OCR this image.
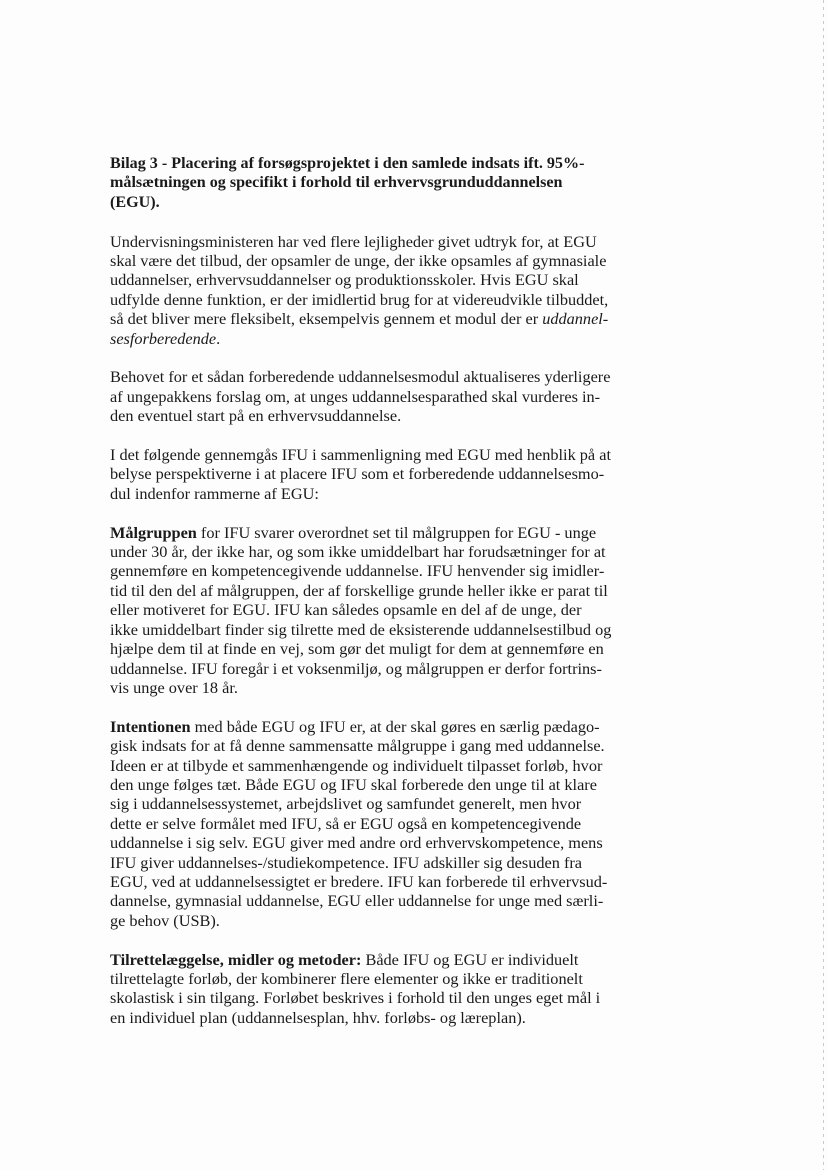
Bilag 3 - Placering af forsøgsprojektet i den samlede indsats ift. 95%-
målsætningen og specifikt i forhold til erhvervsgrunduddannelsen
(EGU).
Undervisningsministeren har ved flere lejligheder givet udtryk for, at EGU
skal være det tilbud, der opsamler de unge, der ikke opsamles af gymnasiale
uddannelser, erhvervsuddannelser og produktionsskoler. Hvis EGU skal
udfylde denne funktion, er der imidlertid brug for at videreudvikle tilbuddet,
så det bliver mere fleksibelt, eksempelvis gennem et modul der er uddannel-
sesforberedende.
Behovet for et sådan forberedende uddannelsesmodul aktualiseres yderligere
af ungepakkens forslag om, at unges uddannelsesparathed skal vurderes in-
den eventuel start på en erhvervsuddannelse.
I det følgende gennemgås IFU i sammenligning med EGU med henblik på at
belyse perspektiverne i at placere IFU som et forberedende uddannelsesmo-
dul indenfor rammerne af EGU:
Målgruppen for IFU svarer overordnet set til målgruppen for EGU - unge
under 30 år, der ikke har, og som ikke umiddelbart har forudsætninger for at
gennemføre en kompetencegivende uddannelse. IFU henvender sig imidler-
tid til den del af målgruppen, der af forskellige grunde heller ikke er parat til
eller motiveret for EGU. IFU kan således opsamle en del af de unge, der
ikke umiddelbart finder sig tilrette med de eksisterende uddannelsestilbud og
hjælpe dem til at finde en vej, som gør det muligt for dem at gennemføre en
uddannelse. IFU foregår i et voksenmiljø, og målgruppen er derfor fortrins-
vis unge over 18 år.
Intentionen med både EGU og IFU er, at der skal gøres en særlig pædago-
gisk indsats for at få denne sammensatte målgruppe i gang med uddannelse.
Ideen er at tilbyde et sammenhængende og individuelt tilpasset forløb, hvor
den unge følges tæt. Både EGU og IFU skal forberede den unge til at klare
sig i uddannelsessystemet, arbejdslivet og samfundet generelt, men hvor
dette er selve formålet med IFU, så er EGU også en kompetencegivende
uddannelse i sig selv. EGU giver med andre ord erhvervskompetence, mens
IFU giver uddannelses-/studiekompetence. IFU adskiller sig desuden fra
EGU, ved at uddannelsessigtet er bredere. IFU kan forberede til erhvervsud-
dannelse, gymnasial uddannelse, EGU eller uddannelse for unge med særli-
ge behov (USB).
Tilrettelæggelse, midler og metoder: Både IFU og EGU er individuelt
tilrettelagte forløb, der kombinerer flere elementer og ikke er traditionelt
skolastisk i sin tilgang. Forløbet beskrives i forhold til den unges eget mål i
en individuel plan (uddannelsesplan, hhv. forløbs- og læreplan).
